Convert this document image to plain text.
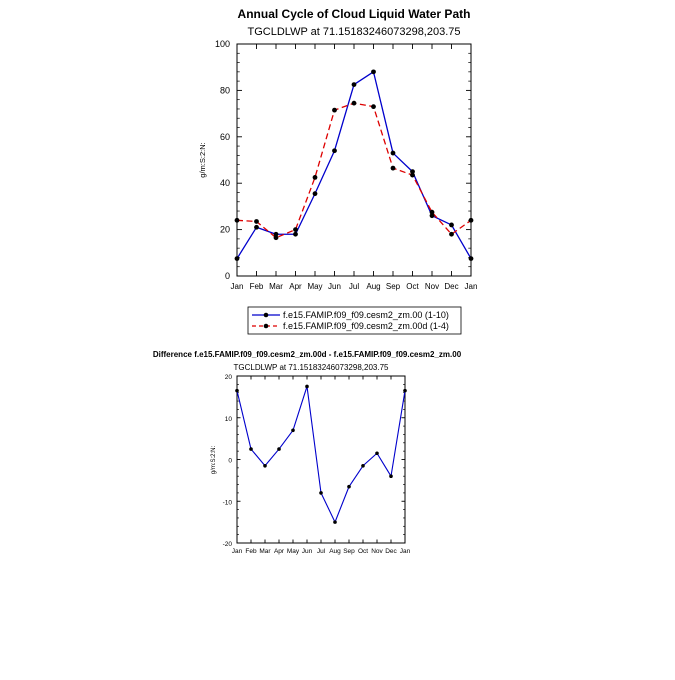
Annual Cycle of Cloud Liquid Water Path
TGCLDLWP at 71.15183246073298,203.75
g/m:S:2:N:
0
20
40
60
80
100
Jan Feb Mar Apr May Jun Jul Aug Sep Oct Nov Dec Jan
f.e15.FAMIP.f09_f09.cesm2_zm.00 (1-10)
f.e15.FAMIP.f09_f09.cesm2_zm.00d (1-4)
Difference f.e15.FAMIP.f09_f09.cesm2_zm.00d - f.e15.FAMIP.f09_f09.cesm2_zm.00
TGCLDLWP at 71.15183246073298,203.75
g/m:S:2:N:
-20
-10
0
10
20
Jan Feb Mar Apr May Jun Jul Aug Sep Oct Nov Dec Jan
